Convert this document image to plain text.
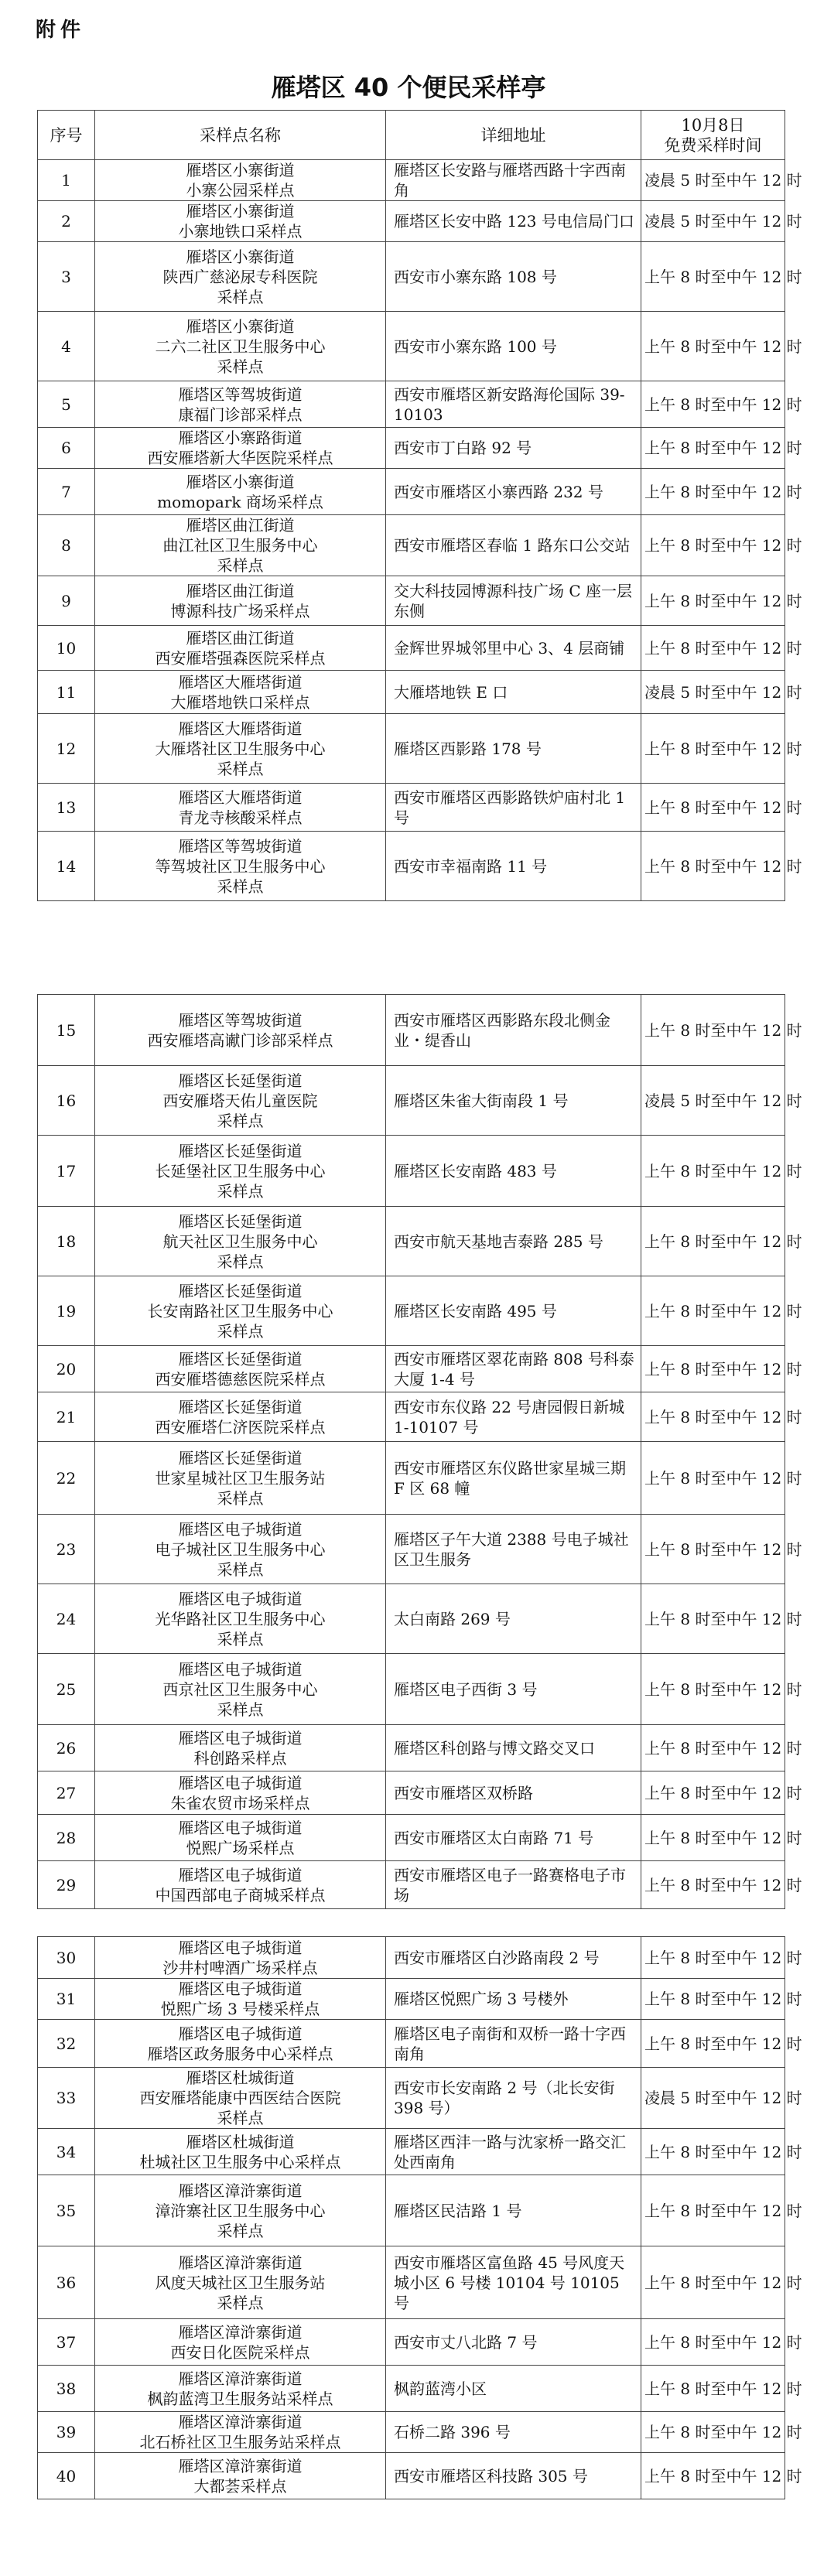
附件
雁塔区 40 个便民采样亭
序号	采样点名称	详细地址	10月8日
免费采样时间

1	雁塔区小寨街道
小寨公园采样点	雁塔区长安路与雁塔西路十字西南角	凌晨 5 时至中午 12 时
2	雁塔区小寨街道
小寨地铁口采样点	雁塔区长安中路 123 号电信局门口	凌晨 5 时至中午 12 时
3	雁塔区小寨街道
陕西广慈泌尿专科医院
采样点	西安市小寨东路 108 号	上午 8 时至中午 12 时
4	雁塔区小寨街道
二六二社区卫生服务中心
采样点	西安市小寨东路 100 号	上午 8 时至中午 12 时
5	雁塔区等驾坡街道
康福门诊部采样点	西安市雁塔区新安路海伦国际 39-10103	上午 8 时至中午 12 时
6	雁塔区小寨路街道
西安雁塔新大华医院采样点	西安市丁白路 92 号	上午 8 时至中午 12 时
7	雁塔区小寨街道
momopark 商场采样点	西安市雁塔区小寨西路 232 号	上午 8 时至中午 12 时
8	雁塔区曲江街道
曲江社区卫生服务中心
采样点	西安市雁塔区春临 1 路东口公交站	上午 8 时至中午 12 时
9	雁塔区曲江街道
博源科技广场采样点	交大科技园博源科技广场 C 座一层东侧	上午 8 时至中午 12 时
10	雁塔区曲江街道
西安雁塔强森医院采样点	金辉世界城邻里中心 3、4 层商铺	上午 8 时至中午 12 时
11	雁塔区大雁塔街道
大雁塔地铁口采样点	大雁塔地铁 E 口	凌晨 5 时至中午 12 时
12	雁塔区大雁塔街道
大雁塔社区卫生服务中心
采样点	雁塔区西影路 178 号	上午 8 时至中午 12 时
13	雁塔区大雁塔街道
青龙寺核酸采样点	西安市雁塔区西影路铁炉庙村北 1 号	上午 8 时至中午 12 时
14	雁塔区等驾坡街道
等驾坡社区卫生服务中心
采样点	西安市幸福南路 11 号	上午 8 时至中午 12 时
15	雁塔区等驾坡街道
西安雁塔高谳门诊部采样点	西安市雁塔区西影路东段北侧金业・缇香山	上午 8 时至中午 12 时
16	雁塔区长延堡街道
西安雁塔天佑儿童医院
采样点	雁塔区朱雀大街南段 1 号	凌晨 5 时至中午 12 时
17	雁塔区长延堡街道
长延堡社区卫生服务中心
采样点	雁塔区长安南路 483 号	上午 8 时至中午 12 时
18	雁塔区长延堡街道
航天社区卫生服务中心
采样点	西安市航天基地吉泰路 285 号	上午 8 时至中午 12 时
19	雁塔区长延堡街道
长安南路社区卫生服务中心
采样点	雁塔区长安南路 495 号	上午 8 时至中午 12 时
20	雁塔区长延堡街道
西安雁塔德慈医院采样点	西安市雁塔区翠花南路 808 号科泰大厦 1-4 号	上午 8 时至中午 12 时
21	雁塔区长延堡街道
西安雁塔仁济医院采样点	西安市东仪路 22 号唐园假日新城 1-10107 号	上午 8 时至中午 12 时
22	雁塔区长延堡街道
世家星城社区卫生服务站
采样点	西安市雁塔区东仪路世家星城三期 F 区 68 幢	上午 8 时至中午 12 时
23	雁塔区电子城街道
电子城社区卫生服务中心
采样点	雁塔区子午大道 2388 号电子城社区卫生服务	上午 8 时至中午 12 时
24	雁塔区电子城街道
光华路社区卫生服务中心
采样点	太白南路 269 号	上午 8 时至中午 12 时
25	雁塔区电子城街道
西京社区卫生服务中心
采样点	雁塔区电子西街 3 号	上午 8 时至中午 12 时
26	雁塔区电子城街道
科创路采样点	雁塔区科创路与博文路交叉口	上午 8 时至中午 12 时
27	雁塔区电子城街道
朱雀农贸市场采样点	西安市雁塔区双桥路	上午 8 时至中午 12 时
28	雁塔区电子城街道
悦熙广场采样点	西安市雁塔区太白南路 71 号	上午 8 时至中午 12 时
29	雁塔区电子城街道
中国西部电子商城采样点	西安市雁塔区电子一路赛格电子市场	上午 8 时至中午 12 时
30	雁塔区电子城街道
沙井村啤酒广场采样点	西安市雁塔区白沙路南段 2 号	上午 8 时至中午 12 时
31	雁塔区电子城街道
悦熙广场 3 号楼采样点	雁塔区悦熙广场 3 号楼外	上午 8 时至中午 12 时
32	雁塔区电子城街道
雁塔区政务服务中心采样点	雁塔区电子南街和双桥一路十字西南角	上午 8 时至中午 12 时
33	雁塔区杜城街道
西安雁塔能康中西医结合医院
采样点	西安市长安南路 2 号（北长安街 398 号）	凌晨 5 时至中午 12 时
34	雁塔区杜城街道
杜城社区卫生服务中心采样点	雁塔区西沣一路与沈家桥一路交汇处西南角	上午 8 时至中午 12 时
35	雁塔区漳浒寨街道
漳浒寨社区卫生服务中心
采样点	雁塔区民洁路 1 号	上午 8 时至中午 12 时
36	雁塔区漳浒寨街道
风度天城社区卫生服务站
采样点	西安市雁塔区富鱼路 45 号风度天城小区 6 号楼 10104 号 10105 号	上午 8 时至中午 12 时
37	雁塔区漳浒寨街道
西安日化医院采样点	西安市丈八北路 7 号	上午 8 时至中午 12 时
38	雁塔区漳浒寨街道
枫韵蓝湾卫生服务站采样点	枫韵蓝湾小区	上午 8 时至中午 12 时
39	雁塔区漳浒寨街道
北石桥社区卫生服务站采样点	石桥二路 396 号	上午 8 时至中午 12 时
40	雁塔区漳浒寨街道
大都荟采样点	西安市雁塔区科技路 305 号	上午 8 时至中午 12 时
